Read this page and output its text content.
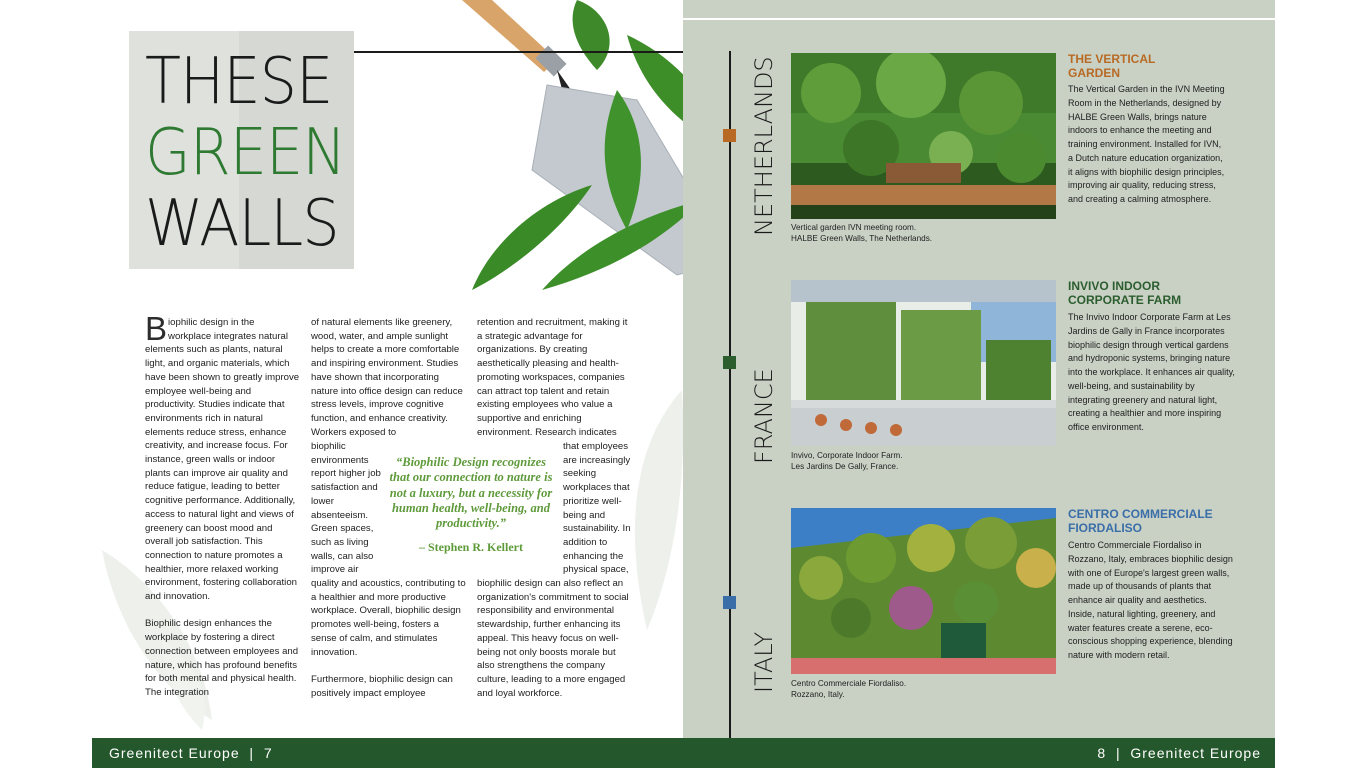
THESE
GREEN
WALLS

Biophilic design in the workplace integrates natural elements such as plants, natural light, and organic materials, which have been shown to greatly improve employee well-being and productivity. Studies indicate that environments rich in natural elements reduce stress, enhance creativity, and increase focus. For instance, green walls or indoor plants can improve air quality and reduce fatigue, leading to better cognitive performance. Additionally, access to natural light and views of greenery can boost mood and overall job satisfaction. This connection to nature promotes a healthier, more relaxed working environment, fostering collaboration and innovation.

Biophilic design enhances the workplace by fostering a direct connection between employees and nature, which has profound benefits for both mental and physical health. The integration

of natural elements like greenery, wood, water, and ample sunlight helps to create a more comfortable and inspiring environment. Studies have shown that incorporating nature into office design can reduce stress levels, improve cognitive function, and enhance creativity. Workers exposed to
biophilic environments report higher job satisfaction and lower absenteeism. Green spaces, such as living walls, can also improve air

quality and acoustics, contributing to a healthier and more productive workplace. Overall, biophilic design promotes well-being, fosters a sense of calm, and stimulates innovation.

Furthermore, biophilic design can positively impact employee

retention and recruitment, making it a strategic advantage for organizations. By creating aesthetically pleasing and health-promoting workspaces, companies can attract top talent and retain existing employees who value a supportive and enriching environment. Research indicates
that employees are increasingly seeking workplaces that prioritize well-being and sustainability. In addition to enhancing the physical space,
biophilic design can also reflect an organization's commitment to social responsibility and environmental stewardship, further enhancing its appeal. This heavy focus on well-being not only boosts morale but also strengthens the company culture, leading to a more engaged and loyal workforce.
“Biophilic Design recognizes that our connection to nature is not a luxury, but a necessity for human health, well-being, and productivity.”
– Stephen R. Kellert
NETHERLANDS Vertical garden IVN meeting room.
HALBE Green Walls, The Netherlands.
THE VERTICAL GARDEN
The Vertical Garden in the IVN Meeting Room in the Netherlands, designed by HALBE Green Walls, brings nature indoors to enhance the meeting and training environment. Installed for IVN, a Dutch nature education organization, it aligns with biophilic design principles, improving air quality, reducing stress, and creating a calming atmosphere.
FRANCE Invivo, Corporate Indoor Farm.
Les Jardins De Gally, France.
INVIVO INDOOR CORPORATE FARM
The Invivo Indoor Corporate Farm at Les Jardins de Gally in France incorporates biophilic design through vertical gardens and hydroponic systems, bringing nature into the workplace. It enhances air quality, well-being, and sustainability by integrating greenery and natural light, creating a healthier and more inspiring office environment.
ITALY Centro Commerciale Fiordaliso.
Rozzano, Italy.
CENTRO COMMERCIALE FIORDALISO
Centro Commerciale Fiordaliso in Rozzano, Italy, embraces biophilic design with one of Europe's largest green walls, made up of thousands of plants that enhance air quality and aesthetics. Inside, natural lighting, greenery, and water features create a serene, eco-conscious shopping experience, blending nature with modern retail.
Greenitect Europe  |  7	8  |  Greenitect Europe
